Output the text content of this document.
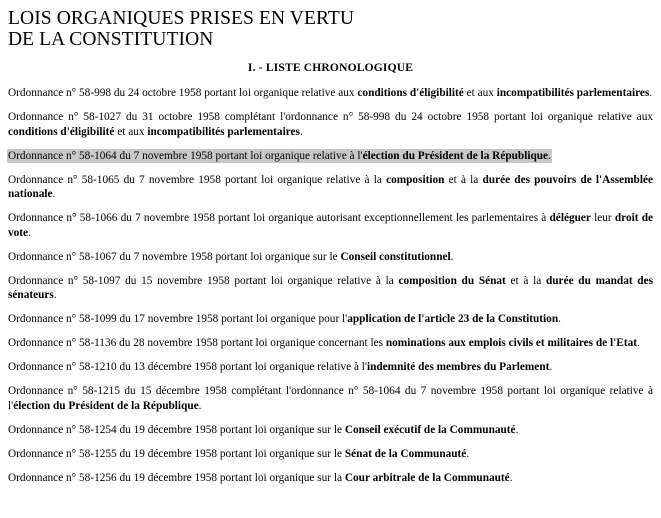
LOIS ORGANIQUES PRISES EN VERTU
DE LA CONSTITUTION
I. - LISTE CHRONOLOGIQUE
Ordonnance n° 58-998 du 24 octobre 1958 portant loi organique relative aux conditions d'éligibilité et aux incompatibilités parlementaires.
Ordonnance n° 58-1027 du 31 octobre 1958 complétant l'ordonnance n° 58-998 du 24 octobre 1958 portant loi organique relative aux conditions d'éligibilité et aux incompatibilités parlementaires.
Ordonnance n° 58-1064 du 7 novembre 1958 portant loi organique relative à l'élection du Président de la République.
Ordonnance n° 58-1065 du 7 novembre 1958 portant loi organique relative à la composition et à la durée des pouvoirs de l'Assemblée nationale.
Ordonnance n° 58-1066 du 7 novembre 1958 portant loi organique autorisant exceptionnellement les parlementaires à déléguer leur droit de vote.
Ordonnance n° 58-1067 du 7 novembre 1958 portant loi organique sur le Conseil constitutionnel.
Ordonnance n° 58-1097 du 15 novembre 1958 portant loi organique relative à la composition du Sénat et à la durée du mandat des sénateurs.
Ordonnance n° 58-1099 du 17 novembre 1958 portant loi organique pour l'application de l'article 23 de la Constitution.
Ordonnance n° 58-1136 du 28 novembre 1958 portant loi organique concernant les nominations aux emplois civils et militaires de l'Etat.
Ordonnance n° 58-1210 du 13 décembre 1958 portant loi organique relative à l'indemnité des membres du Parlement.
Ordonnance n° 58-1215 du 15 décembre 1958 complétant l'ordonnance n° 58-1064 du 7 novembre 1958 portant loi organique relative à l'élection du Président de la République.
Ordonnance n° 58-1254 du 19 décembre 1958 portant loi organique sur le Conseil exécutif de la Communauté.
Ordonnance n° 58-1255 du 19 décembre 1958 portant loi organique sur le Sénat de la Communauté.
Ordonnance n° 58-1256 du 19 décembre 1958 portant loi organique sur la Cour arbitrale de la Communauté.
